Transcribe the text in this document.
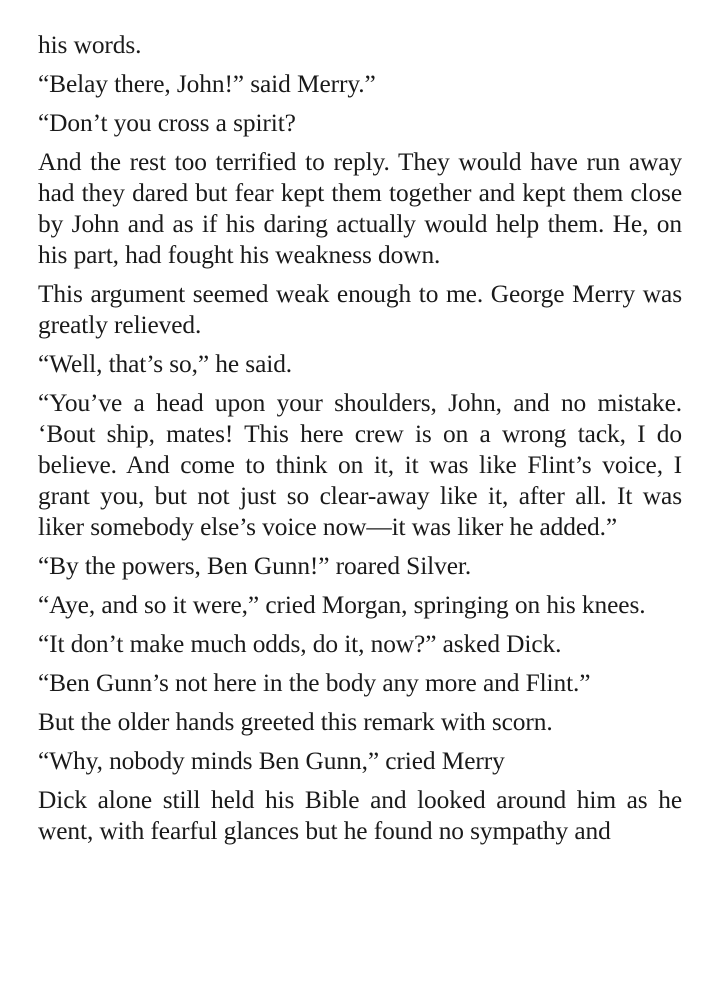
his words.

“Belay there, John!” said Merry.”

“Don’t you cross a spirit?

And the rest too terrified to reply. They would have run away had they dared but fear kept them together and kept them close by John and as if his daring actually would help them. He, on his part, had fought his weakness down.

This argument seemed weak enough to me. George Merry was greatly relieved.

“Well, that’s so,” he said.

“You’ve a head upon your shoulders, John, and no mistake. ‘Bout ship, mates! This here crew is on a wrong tack, I do believe. And come to think on it, it was like Flint’s voice, I grant you, but not just so clear-away like it, after all. It was liker somebody else’s voice now—it was liker he added.”

“By the powers, Ben Gunn!” roared Silver.

“Aye, and so it were,” cried Morgan, springing on his knees.

“It don’t make much odds, do it, now?” asked Dick.

“Ben Gunn’s not here in the body any more and Flint.”

But the older hands greeted this remark with scorn.

“Why, nobody minds Ben Gunn,” cried Merry

Dick alone still held his Bible and looked around him as he went, with fearful glances but he found no sympathy and
